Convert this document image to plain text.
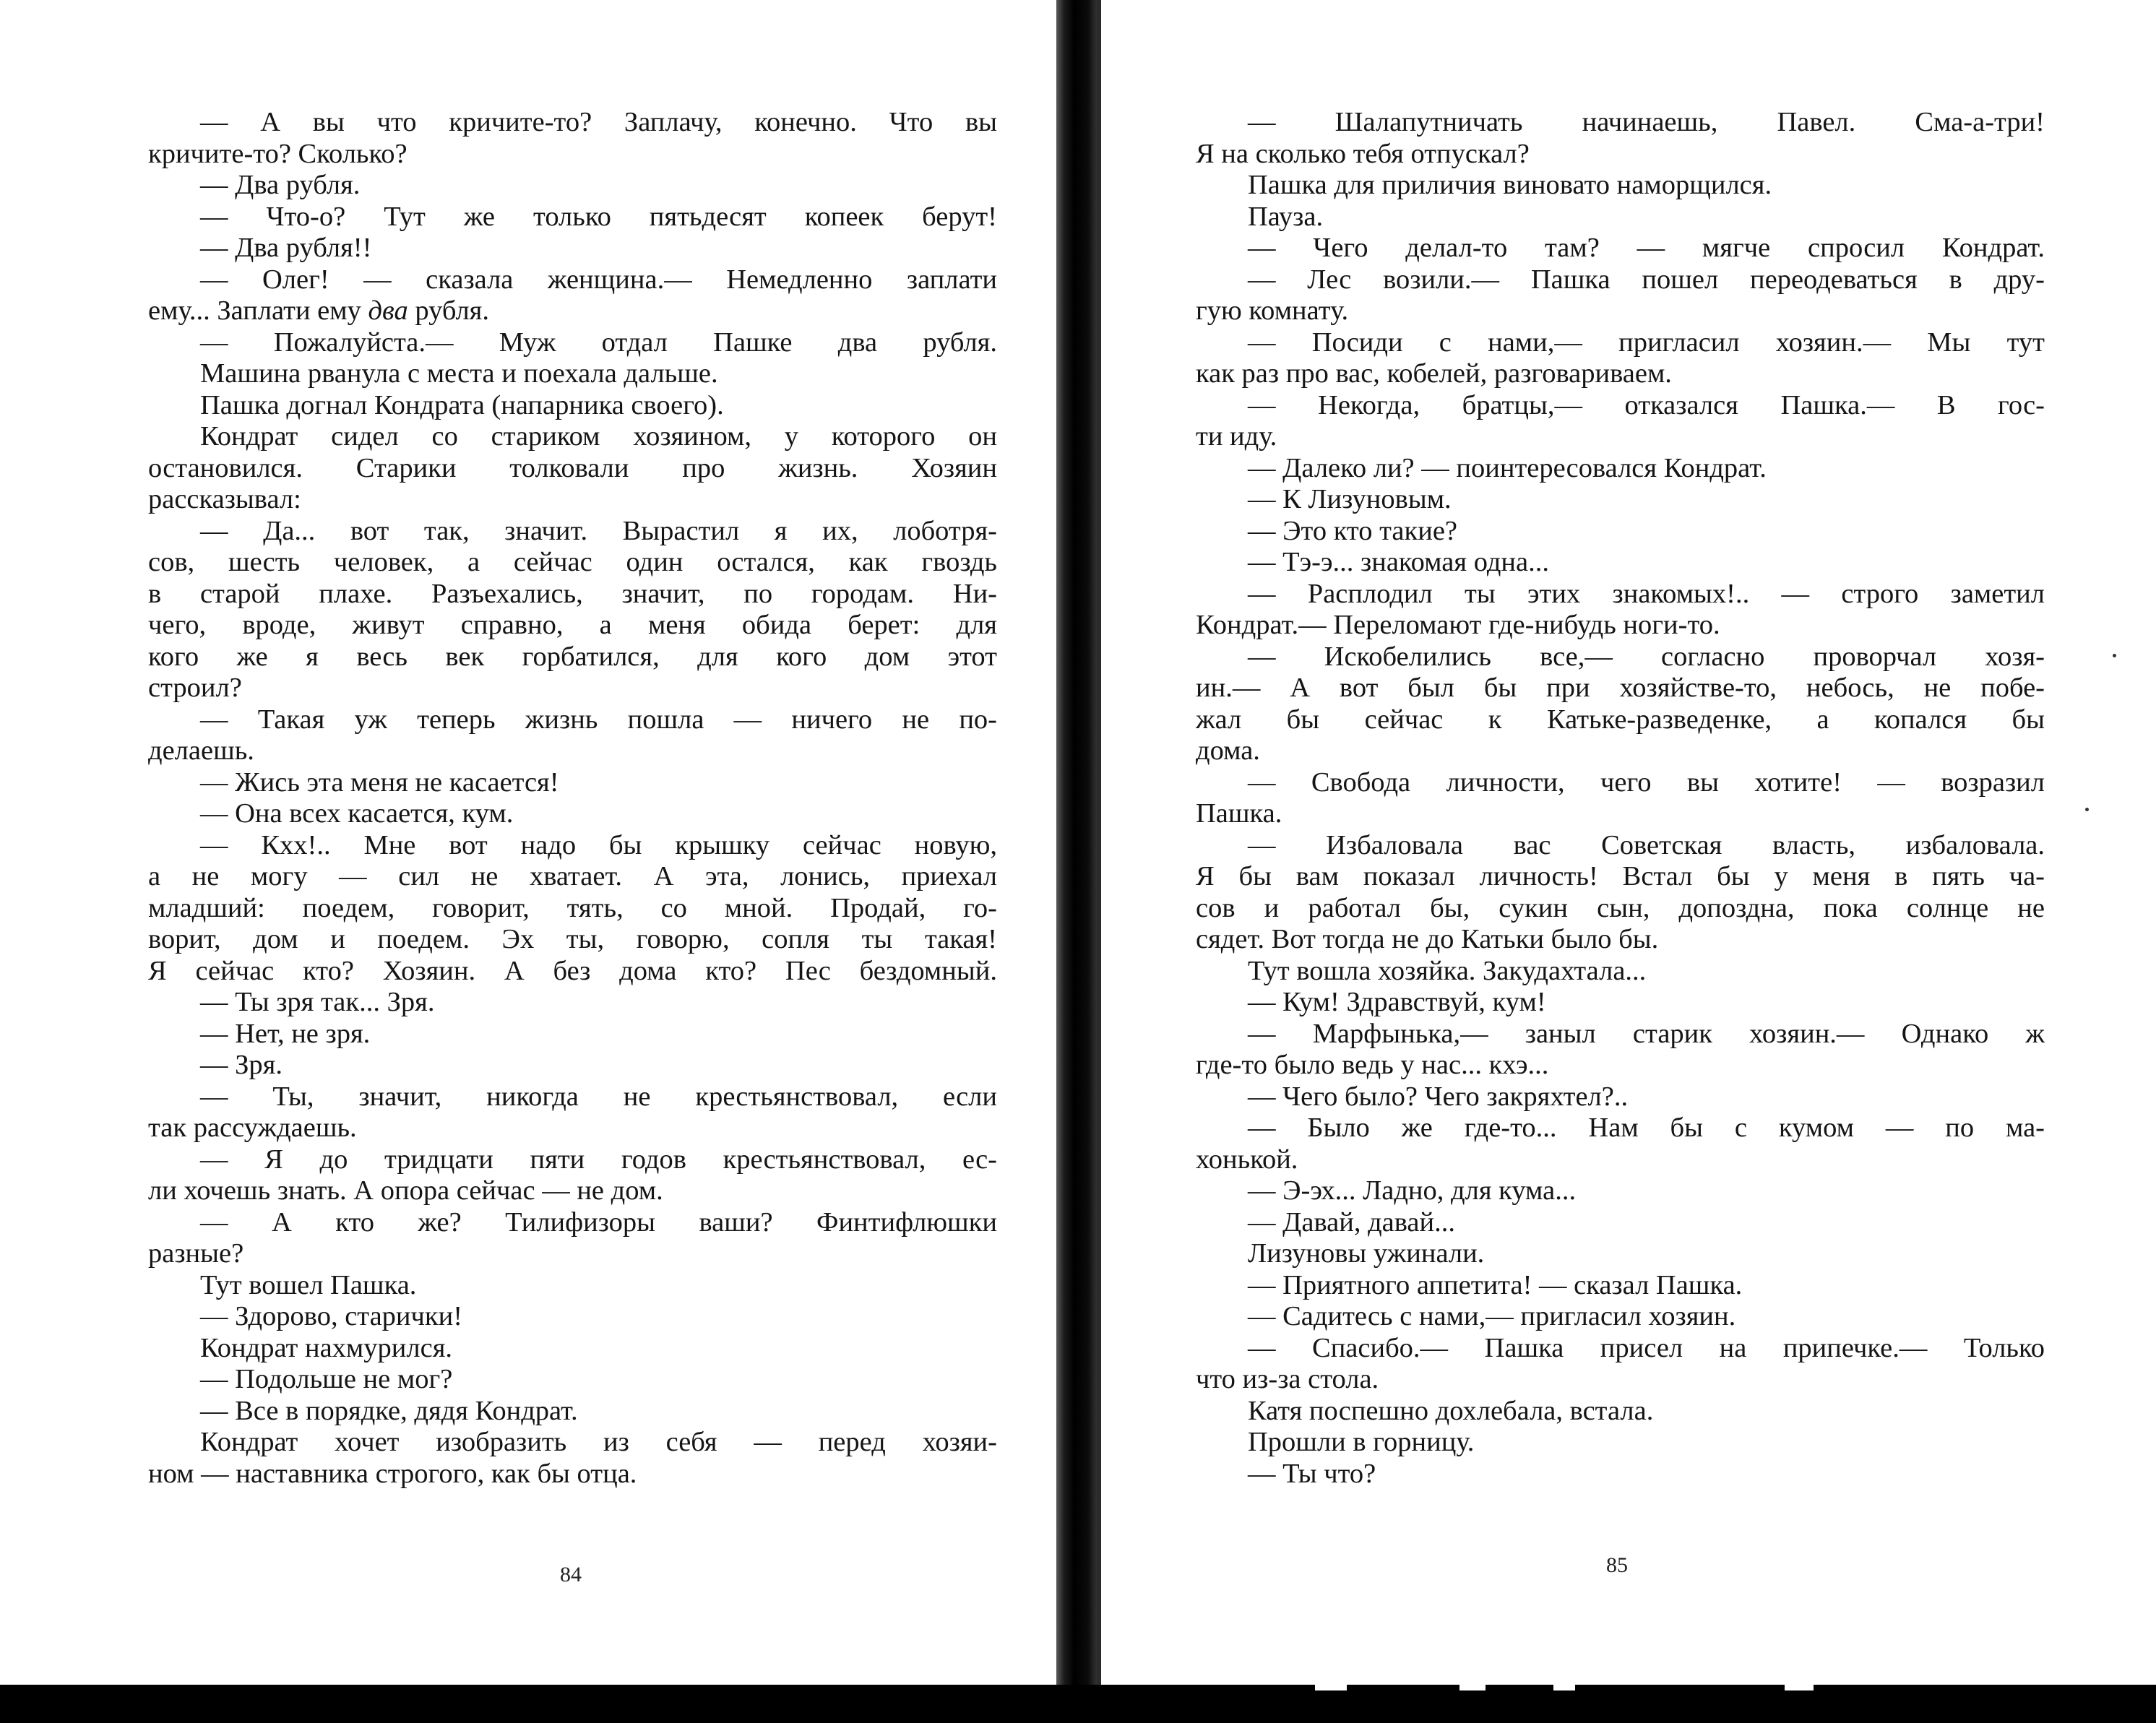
— А вы что кричите-то? Заплачу, конечно. Что вы
кричите-то? Сколько?
— Два рубля.
— Что-о? Тут же только пятьдесят копеек берут!
— Два рубля!!
— Олег! — сказала женщина.— Немедленно заплати
ему... Заплати ему два рубля.
— Пожалуйста.— Муж отдал Пашке два рубля.
Машина рванула с места и поехала дальше.
Пашка догнал Кондрата (напарника своего).
Кондрат сидел со стариком хозяином, у которого он
остановился. Старики толковали про жизнь. Хозяин
рассказывал:
— Да... вот так, значит. Вырастил я их, лоботря-
сов, шесть человек, а сейчас один остался, как гвоздь
в старой плахе. Разъехались, значит, по городам. Ни-
чего, вроде, живут справно, а меня обида берет: для
кого же я весь век горбатился, для кого дом этот
строил?
— Такая уж теперь жизнь пошла — ничего не по-
делаешь.
— Жись эта меня не касается!
— Она всех касается, кум.
— Кхх!.. Мне вот надо бы крышку сейчас новую,
а не могу — сил не хватает. А эта, лонись, приехал
младший: поедем, говорит, тять, со мной. Продай, го-
ворит, дом и поедем. Эх ты, говорю, сопля ты такая!
Я сейчас кто? Хозяин. А без дома кто? Пес бездомный.
— Ты зря так... Зря.
— Нет, не зря.
— Зря.
— Ты, значит, никогда не крестьянствовал, если
так рассуждаешь.
— Я до тридцати пяти годов крестьянствовал, ес-
ли хочешь знать. А опора сейчас — не дом.
— А кто же? Тилифизоры ваши? Финтифлюшки
разные?
Тут вошел Пашка.
— Здорово, старички!
Кондрат нахмурился.
— Подольше не мог?
— Все в порядке, дядя Кондрат.
Кондрат хочет изобразить из себя — перед хозяи-
ном — наставника строгого, как бы отца.
84
— Шалапутничать начинаешь, Павел. Сма-а-три!
Я на сколько тебя отпускал?
Пашка для приличия виновато наморщился.
Пауза.
— Чего делал-то там? — мягче спросил Кондрат.
— Лес возили.— Пашка пошел переодеваться в дру-
гую комнату.
— Посиди с нами,— пригласил хозяин.— Мы тут
как раз про вас, кобелей, разговариваем.
— Некогда, братцы,— отказался Пашка.— В гос-
ти иду.
— Далеко ли? — поинтересовался Кондрат.
— К Лизуновым.
— Это кто такие?
— Тэ-э... знакомая одна...
— Расплодил ты этих знакомых!.. — строго заметил
Кондрат.— Переломают где-нибудь ноги-то.
— Искобелились все,— согласно проворчал хозя-
ин.— А вот был бы при хозяйстве-то, небось, не побе-
жал бы сейчас к Катьке-разведенке, а копался бы
дома.
— Свобода личности, чего вы хотите! — возразил
Пашка.
— Избаловала вас Советская власть, избаловала.
Я бы вам показал личность! Встал бы у меня в пять ча-
сов и работал бы, сукин сын, допоздна, пока солнце не
сядет. Вот тогда не до Катьки было бы.
Тут вошла хозяйка. Закудахтала...
— Кум! Здравствуй, кум!
— Марфынька,— заныл старик хозяин.— Однако ж
где-то было ведь у нас... кхэ...
— Чего было? Чего закряхтел?..
— Было же где-то... Нам бы с кумом — по ма-
хонькой.
— Э-эх... Ладно, для кума...
— Давай, давай...
Лизуновы ужинали.
— Приятного аппетита! — сказал Пашка.
— Садитесь с нами,— пригласил хозяин.
— Спасибо.— Пашка присел на припечке.— Только
что из-за стола.
Катя поспешно дохлебала, встала.
Прошли в горницу.
— Ты что?
85
